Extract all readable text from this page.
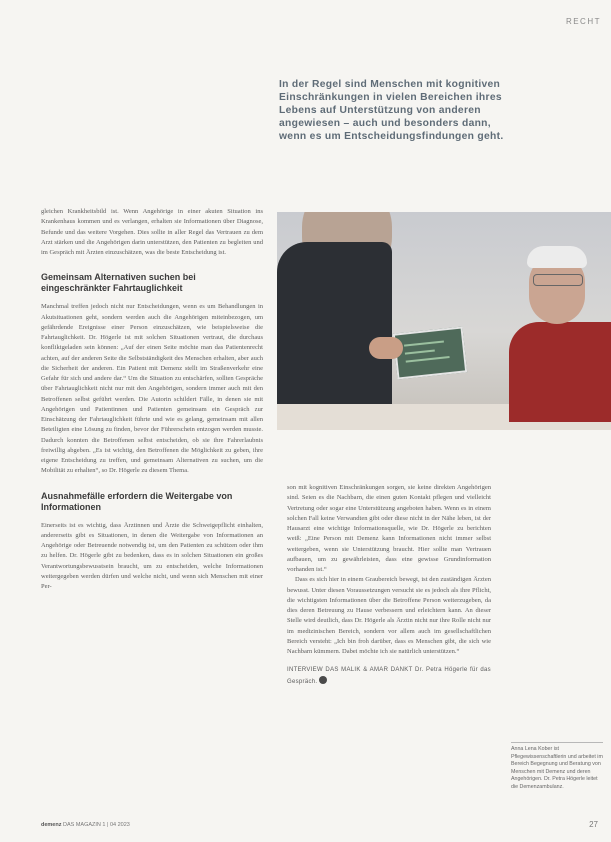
RECHT
In der Regel sind Menschen mit kognitiven Einschränkungen in vielen Bereichen ihres Lebens auf Unterstützung von anderen angewiesen – auch und besonders dann, wenn es um Entscheidungsfindungen geht.

gleichen Krankheitsbild ist. Wenn Angehörige in einer akuten Situation ins Krankenhaus kommen und es verlangen, erhalten sie Informationen über Diagnose, Befunde und das weitere Vorgehen. Dies sollte in aller Regel das Vertrauen zu dem Arzt stärken und die Angehörigen darin unterstützen, den Patienten zu begleiten und im Gespräch mit Ärzten einzuschätzen, was die beste Entscheidung ist.

Gemeinsam Alternativen suchen bei eingeschränkter Fahrtauglichkeit

Manchmal treffen jedoch nicht nur Entscheidungen, wenn es um Behandlungen in Akutsituationen geht, sondern werden auch die Angehörigen miteinbezogen, um gefährdende Ereignisse einer Person einzuschätzen, wie beispielsweise die Fahrtauglichkeit. Dr. Högerle ist mit solchen Situationen vertraut, die durchaus konfliktgeladen sein können: „Auf der einen Seite möchte man das Patientenrecht achten, auf der anderen Seite die Selbstständigkeit des Menschen erhalten, aber auch die Sicherheit der anderen. Ein Patient mit Demenz stellt im Straßenverkehr eine Gefahr für sich und andere dar.“ Um die Situation zu entschärfen, sollten Gespräche über Fahrtauglichkeit nicht nur mit den Angehörigen, sondern immer auch mit den Betroffenen selbst geführt werden. Die Autorin schildert Fälle, in denen sie mit Angehörigen und Patientinnen und Patienten gemeinsam ein Gespräch zur Einschätzung der Fahrtauglichkeit führte und wie es gelang, gemeinsam mit allen Beteiligten eine Lösung zu finden, bevor der Führerschein entzogen werden musste. Dadurch konnten die Betroffenen selbst entscheiden, ob sie ihre Fahrerlaubnis freiwillig abgeben. „Es ist wichtig, den Betroffenen die Möglichkeit zu geben, ihre eigene Entscheidung zu treffen, und gemeinsam Alternativen zu suchen, um die Mobilität zu erhalten“, so Dr. Högerle zu diesem Thema.

Ausnahmefälle erfordern die Weitergabe von Informationen

Einerseits ist es wichtig, dass Ärztinnen und Ärzte die Schweigepflicht einhalten, andererseits gibt es Situationen, in denen die Weitergabe von Informationen an Angehörige oder Betreuende notwendig ist, um den Patienten zu schützen oder ihm zu helfen. Dr. Högerle gibt zu bedenken, dass es in solchen Situationen ein großes Verantwortungsbewusstsein braucht, um zu entscheiden, welche Informationen weitergegeben werden dürfen und welche nicht, und wenn sich Menschen mit einer Per-

son mit kognitiven Einschränkungen sorgen, sie keine direkten Angehörigen sind. Seien es die Nachbarn, die einen guten Kontakt pflegen und vielleicht Vertretung oder sogar eine Unterstützung angeboten haben. Wenn es in einem solchen Fall keine Verwandten gibt oder diese nicht in der Nähe leben, ist der Hausarzt eine wichtige Informationsquelle, wie Dr. Högerle zu berichten weiß: „Eine Person mit Demenz kann Informationen nicht immer selbst weitergeben, wenn sie Unterstützung braucht. Hier sollte man Vertrauen aufbauen, um zu gewährleisten, dass eine gewisse Grundinformation vorhanden ist.“

Dass es sich hier in einem Graubereich bewegt, ist den zuständigen Ärzten bewusst. Unter diesen Voraussetzungen versucht sie es jedoch als ihre Pflicht, die wichtigsten Informationen über die Betroffene Person weiterzugeben, da dies deren Betreuung zu Hause verbessern und erleichtern kann. An dieser Stelle wird deutlich, dass Dr. Högerle als Ärztin nicht nur ihre Rolle nicht nur im medizinischen Bereich, sondern vor allem auch im gesellschaftlichen Bereich versteht: „Ich bin froh darüber, dass es Menschen gibt, die sich wie Nachbarn kümmern. Dabei möchte ich sie natürlich unterstützen.“

INTERVIEW DAS MALIK & AMAR DANKT Dr. Petra Högerle für das Gespräch.

Anna Lena Kober ist Pflegewissenschaftlerin und arbeitet im Bereich Begegnung und Beratung von Menschen mit Demenz und deren Angehörigen. Dr. Petra Högerle leitet die Demenzambulanz.
demenz DAS MAGAZIN 1 | 04 2023	27
